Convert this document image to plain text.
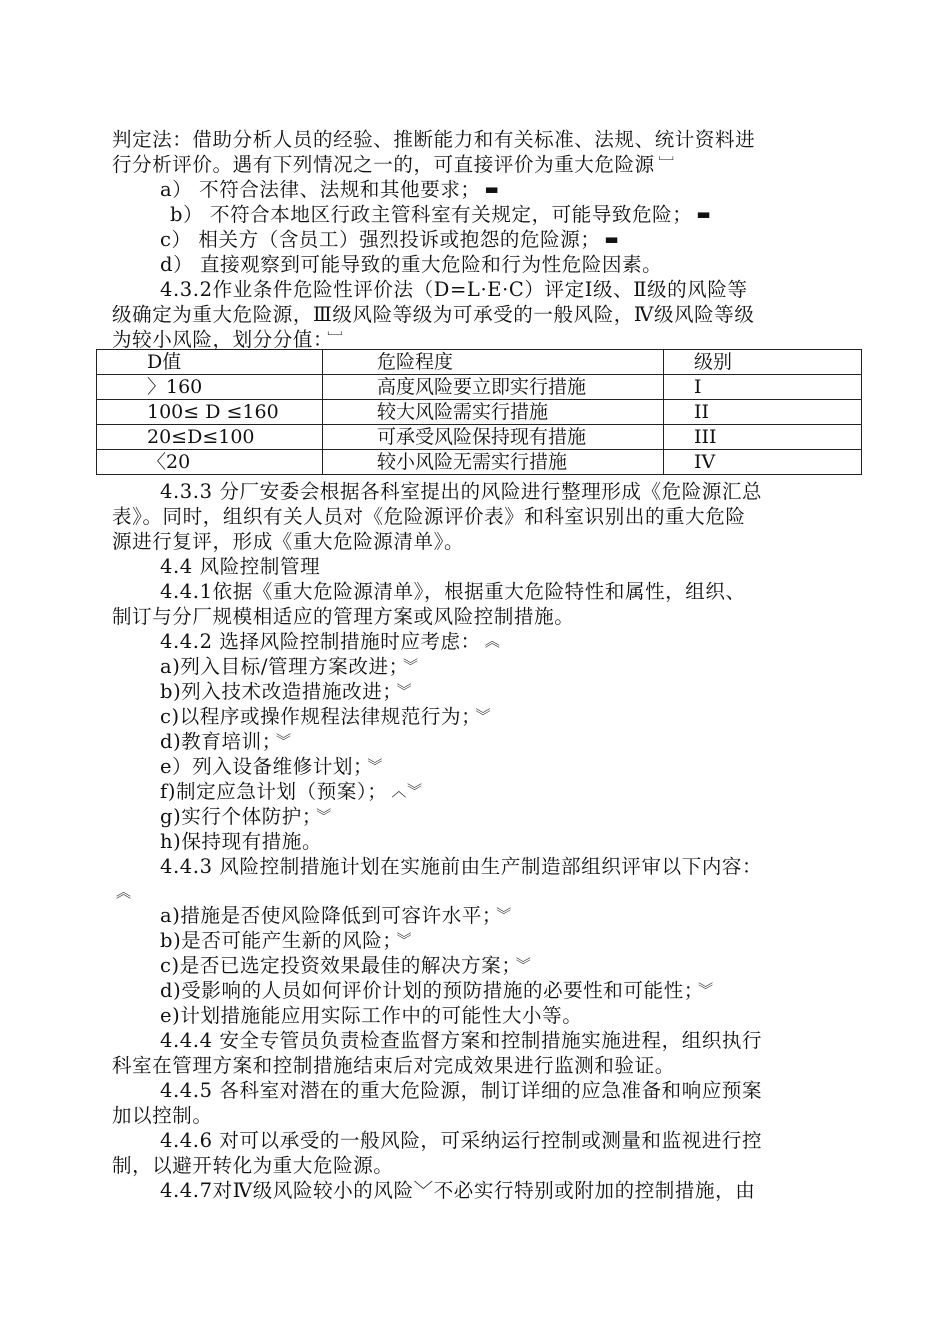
判定法：借助分析人员的经验、推断能力和有关标准、法规、统计资料进
行分析评价。遇有下列情况之一的，可直接评价为重大危险源 ﹈
a） 不符合法律、法规和其他要求； ▬
b） 不符合本地区行政主管科室有关规定，可能导致危险； ▬
c） 相关方（含员工）强烈投诉或抱怨的危险源； ▬
d） 直接观察到可能导致的重大危险和行为性危险因素。
4.3.2作业条件危险性评价法（D=L·E·C）评定Ⅰ级、Ⅱ级的风险等
级确定为重大危险源，Ⅲ级风险等级为可承受的一般风险，Ⅳ级风险等级
为较小风险，划分分值： ﹈
4.3.3 分厂安委会根据各科室提出的风险进行整理形成《危险源汇总
表》。同时，组织有关人员对《危险源评价表》和科室识别出的重大危险
源进行复评，形成《重大危险源清单》。
4.4 风险控制管理
4.4.1依据《重大危险源清单》，根据重大危险特性和属性，组织、
制订与分厂规模相适应的管理方案或风险控制措施。
4.4.2 选择风险控制措施时应考虑： ︽
a)列入目标/管理方案改进； ︾
b)列入技术改造措施改进； ︾
c)以程序或操作规程法律规范行为； ︾
d)教育培训； ︾
e）列入设备维修计划； ︾
f)制定应急计划（预案）； ︿︾
g)实行个体防护； ︾
h)保持现有措施。
4.4.3 风险控制措施计划在实施前由生产制造部组织评审以下内容：
︽
a)措施是否使风险降低到可容许水平； ︾
b)是否可能产生新的风险； ︾
c)是否已选定投资效果最佳的解决方案； ︾
d)受影响的人员如何评价计划的预防措施的必要性和可能性； ︾
e)计划措施能应用实际工作中的可能性大小等。
4.4.4 安全专管员负责检查监督方案和控制措施实施进程，组织执行
科室在管理方案和控制措施结束后对完成效果进行监测和验证。
4.4.5 各科室对潜在的重大危险源，制订详细的应急准备和响应预案
加以控制。
4.4.6 对可以承受的一般风险，可采纳运行控制或测量和监视进行控
制，以避开转化为重大危险源。
4.4.7对Ⅳ级风险较小的风险﹀不必实行特别或附加的控制措施，由
D值	危险程度	级别
〉160	高度风险要立即实行措施	I
100≤ D ≤160	较大风险需实行措施	II
20≤D≤100	可承受风险保持现有措施	III
〈20	较小风险无需实行措施	IV
